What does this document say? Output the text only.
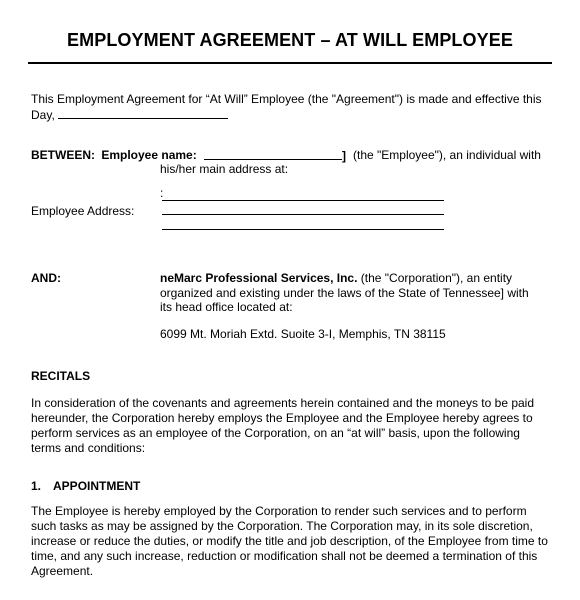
EMPLOYMENT AGREEMENT – AT WILL EMPLOYEE
This Employment Agreement for “At Will” Employee (the "Agreement") is made and effective this
Day,
BETWEEN: Employee name:	] (the "Employee"), an individual with
his/her main address at:
:
Employee Address:
AND:	neMarc Professional Services, Inc. (the "Corporation"), an entity
organized and existing under the laws of the State of Tennessee] with
its head office located at:
6099 Mt. Moriah Extd. Suoite 3-I, Memphis, TN 38115
RECITALS
In consideration of the covenants and agreements herein contained and the moneys to be paid
hereunder, the Corporation hereby employs the Employee and the Employee hereby agrees to
perform services as an employee of the Corporation, on an “at will” basis, upon the following
terms and conditions:
1. APPOINTMENT
The Employee is hereby employed by the Corporation to render such services and to perform
such tasks as may be assigned by the Corporation. The Corporation may, in its sole discretion,
increase or reduce the duties, or modify the title and job description, of the Employee from time to
time, and any such increase, reduction or modification shall not be deemed a termination of this
Agreement.
